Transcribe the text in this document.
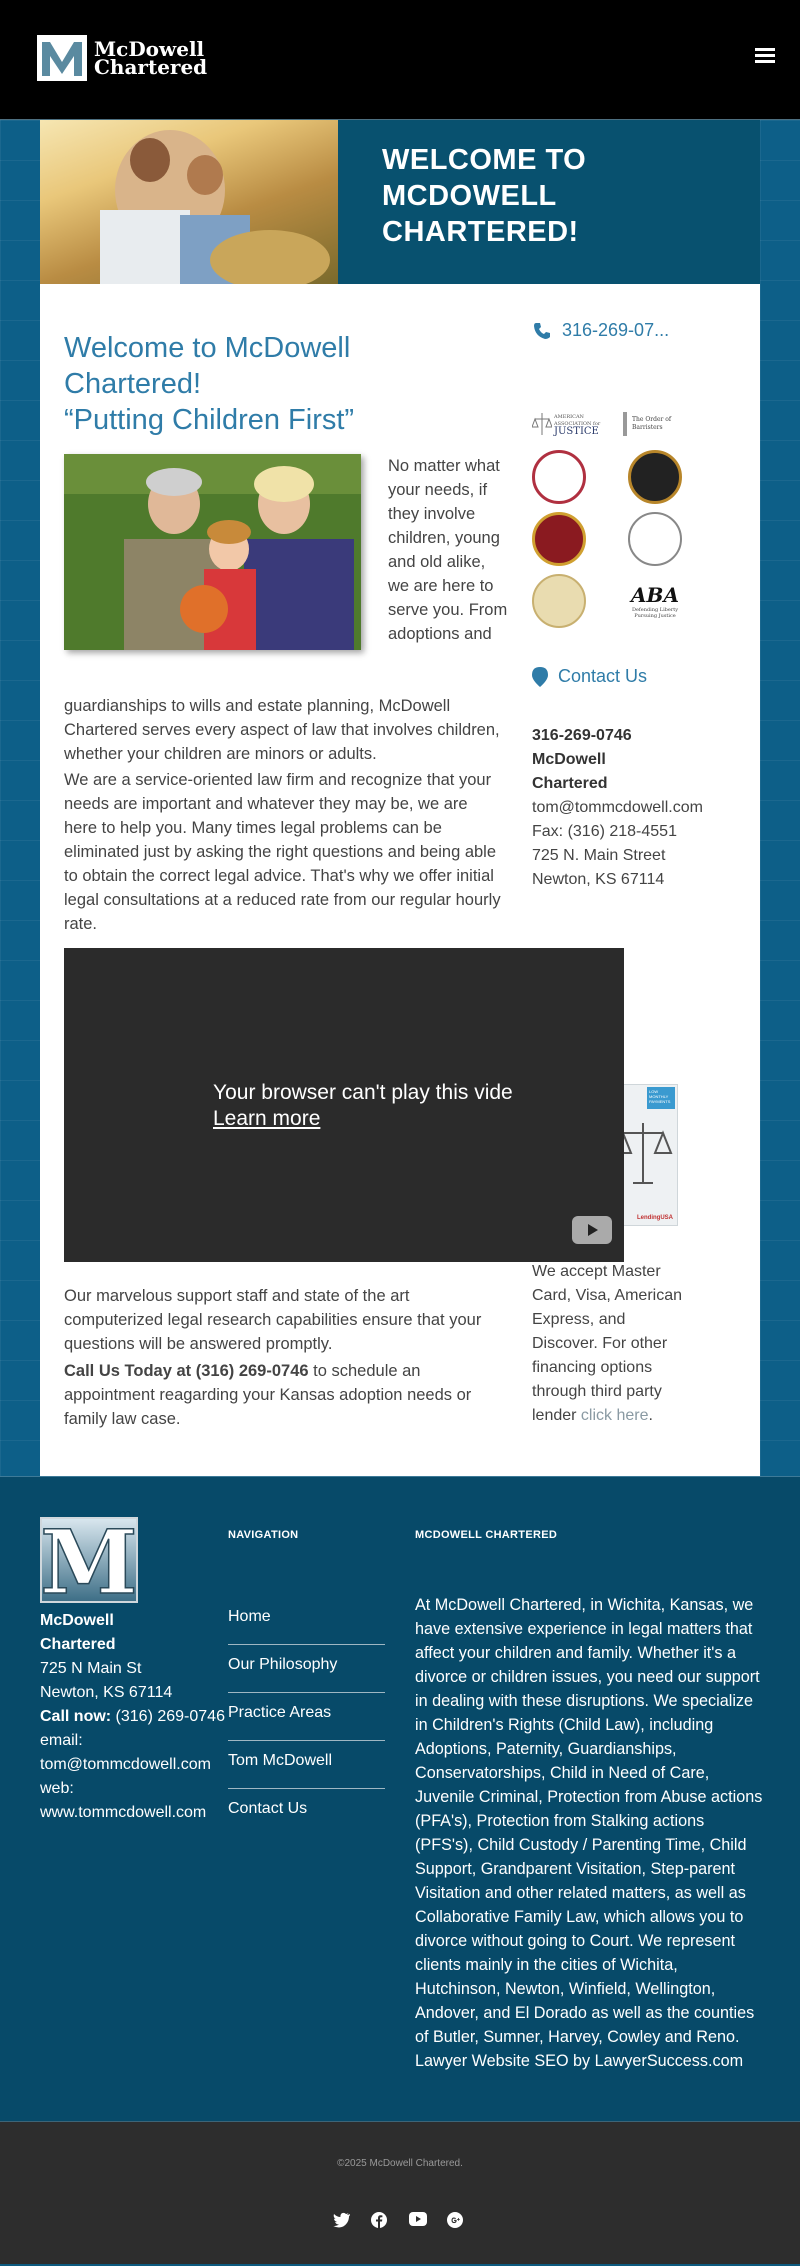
McDowell
Chartered
WELCOME TO
MCDOWELL CHARTERED!
Welcome to McDowell
Chartered!
“Putting Children First”

No matter what your needs, if they involve children, young and old alike, we are here to serve you. From adoptions and

guardianships to wills and estate planning, McDowell Chartered serves every aspect of law that involves children, whether your children are minors or adults.

We are a service-oriented law firm and recognize that your needs are important and whatever they may be, we are here to help you. Many times legal problems can be eliminated just by asking the right questions and being able to obtain the correct legal advice. That's why we offer initial legal consultations at a reduced rate from our regular hourly rate.

Your browser can't play this vide
Learn more

Our marvelous support staff and state of the art computerized legal research capabilities ensure that your questions will be answered promptly.

Call Us Today at (316) 269-0746 to schedule an appointment reagarding your Kansas adoption needs or family law case.

316-269-07...
AMERICAN
ASSOCIATION for
JUSTICE
The Order of
Barristers
ABA
Defending Liberty
Pursuing Justice
Contact Us
316-269-0746
McDowell
Chartered
tom@tommcdowell.com
Fax: (316) 218-4551
725 N. Main Street
Newton, KS 67114
LOW MONTHLY PAYMENTS
LendingUSA
We accept Master Card, Visa, American Express, and Discover. For other financing options through third party lender click here.
M
McDowell
Chartered
725 N Main St
Newton, KS 67114
Call now: (316) 269-0746
email:
tom@tommcdowell.com
web:
www.tommcdowell.com
NAVIGATION
Home
Our Philosophy
Practice Areas
Tom McDowell
Contact Us
MCDOWELL CHARTERED
At McDowell Chartered, in Wichita, Kansas, we have extensive experience in legal matters that affect your children and family. Whether it's a divorce or children issues, you need our support in dealing with these disruptions. We specialize in Children's Rights (Child Law), including Adoptions, Paternity, Guardianships, Conservatorships, Child in Need of Care, Juvenile Criminal, Protection from Abuse actions (PFA's), Protection from Stalking actions (PFS's), Child Custody / Parenting Time, Child Support, Grandparent Visitation, Step-parent Visitation and other related matters, as well as Collaborative Family Law, which allows you to divorce without going to Court. We represent clients mainly in the cities of Wichita, Hutchinson, Newton, Winfield, Wellington, Andover, and El Dorado as well as the counties of Butler, Sumner, Harvey, Cowley and Reno. Lawyer Website SEO by LawyerSuccess.com
©2025 McDowell Chartered.
